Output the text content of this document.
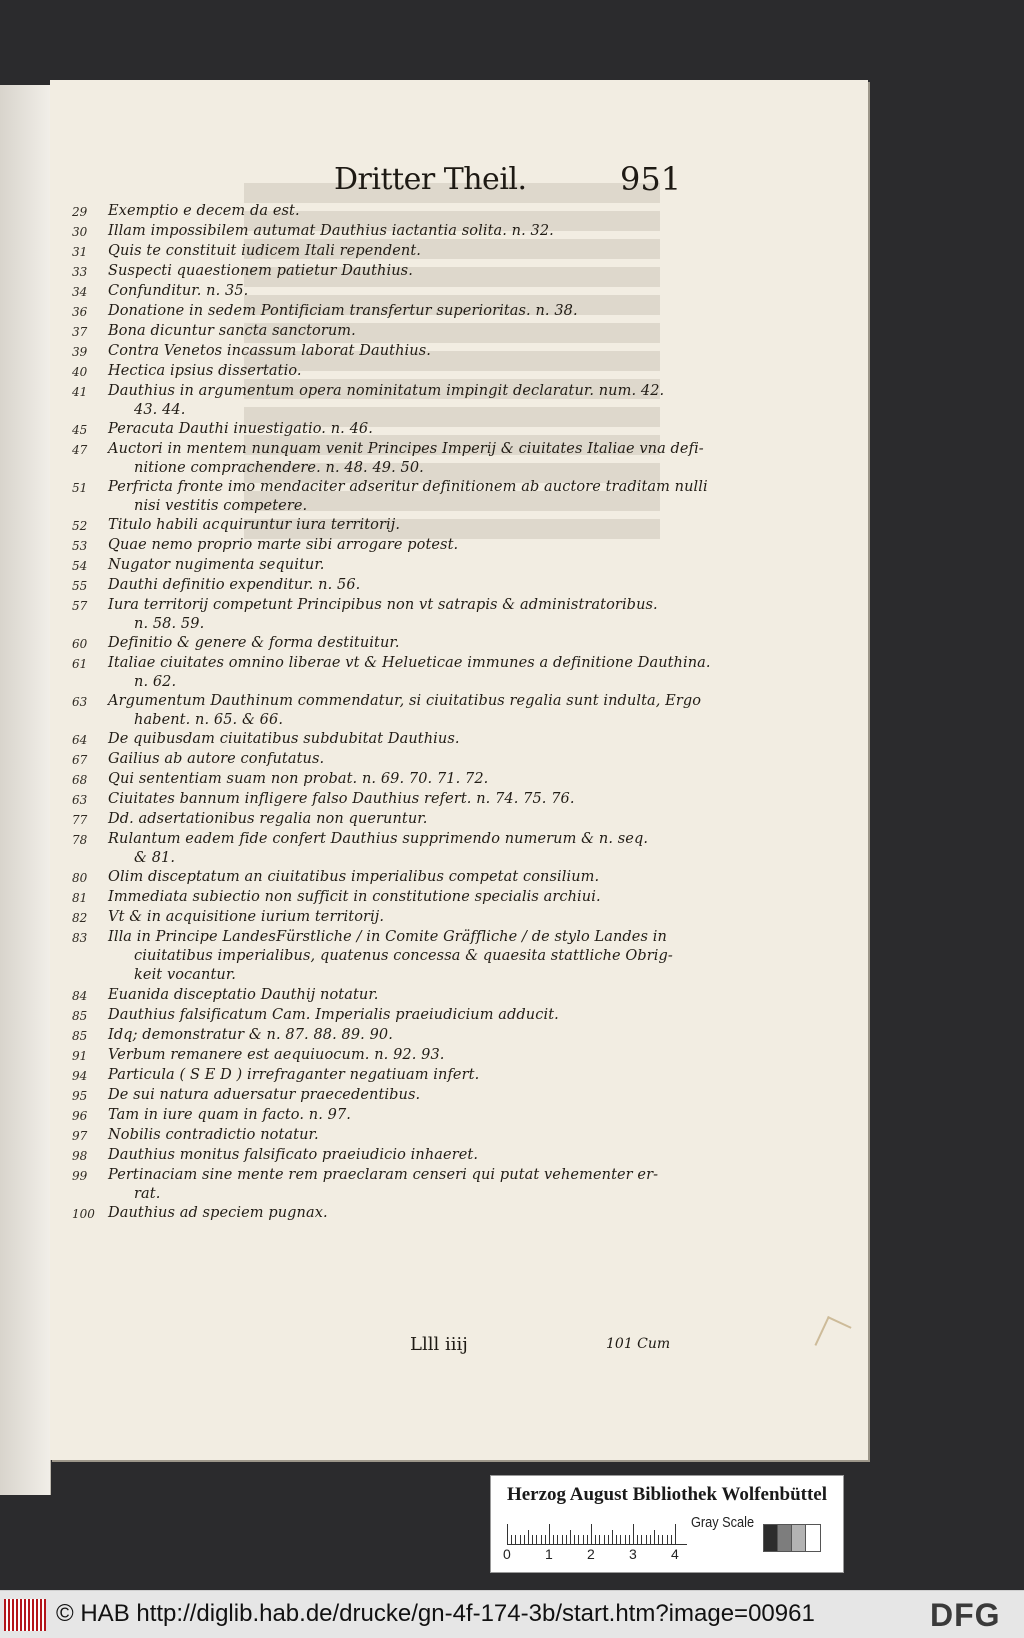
Dritter Theil.	951
29	Exemptio e decem da est.
30	Illam impossibilem autumat Dauthius iactantia solita. n. 32.
31	Quis te constituit iudicem Itali rependent.
33	Suspecti quaestionem patietur Dauthius.
34	Confunditur. n. 35.
36	Donatione in sedem Pontificiam transfertur superioritas. n. 38.
37	Bona dicuntur sancta sanctorum.
39	Contra Venetos incassum laborat Dauthius.
40	Hectica ipsius dissertatio.
41	Dauthius in argumentum opera nominitatum impingit declaratur. num. 42.
43. 44.
45	Peracuta Dauthi inuestigatio. n. 46.
47	Auctori in mentem nunquam venit Principes Imperij & ciuitates Italiae vna defi-
nitione comprachendere. n. 48. 49. 50.
51	Perfricta fronte imo mendaciter adseritur definitionem ab auctore traditam nulli
nisi vestitis competere.
52	Titulo habili acquiruntur iura territorij.
53	Quae nemo proprio marte sibi arrogare potest.
54	Nugator nugimenta sequitur.
55	Dauthi definitio expenditur. n. 56.
57	Iura territorij competunt Principibus non vt satrapis & administratoribus.
n. 58. 59.
60	Definitio & genere & forma destituitur.
61	Italiae ciuitates omnino liberae vt & Helueticae immunes a definitione Dauthina.
n. 62.
63	Argumentum Dauthinum commendatur, si ciuitatibus regalia sunt indulta, Ergo
habent. n. 65. & 66.
64	De quibusdam ciuitatibus subdubitat Dauthius.
67	Gailius ab autore confutatus.
68	Qui sententiam suam non probat. n. 69. 70. 71. 72.
63	Ciuitates bannum infligere falso Dauthius refert. n. 74. 75. 76.
77	Dd. adsertationibus regalia non queruntur.
78	Rulantum eadem fide confert Dauthius supprimendo numerum & n. seq.
& 81.
80	Olim disceptatum an ciuitatibus imperialibus competat consilium.
81	Immediata subiectio non sufficit in constitutione specialis archiui.
82	Vt & in acquisitione iurium territorij.
83	Illa in Principe LandesFürstliche / in Comite Gräffliche / de stylo Landes in
ciuitatibus imperialibus, quatenus concessa & quaesita stattliche Obrig-
keit vocantur.
84	Euanida disceptatio Dauthij notatur.
85	Dauthius falsificatum Cam. Imperialis praeiudicium adducit.
85	Idq; demonstratur & n. 87. 88. 89. 90.
91	Verbum remanere est aequiuocum. n. 92. 93.
94	Particula ( S E D ) irrefraganter negatiuam infert.
95	De sui natura aduersatur praecedentibus.
96	Tam in iure quam in facto. n. 97.
97	Nobilis contradictio notatur.
98	Dauthius monitus falsificato praeiudicio inhaeret.
99	Pertinaciam sine mente rem praeclaram censeri qui putat vehementer er-
rat.
100 Dauthius ad speciem pugnax.
Llll iiij	101 Cum
Herzog August Bibliothek Wolfenbüttel
0 1 2 3 4
Gray Scale
© HAB http://diglib.hab.de/drucke/gn-4f-174-3b/start.htm?image=00961	DFG
